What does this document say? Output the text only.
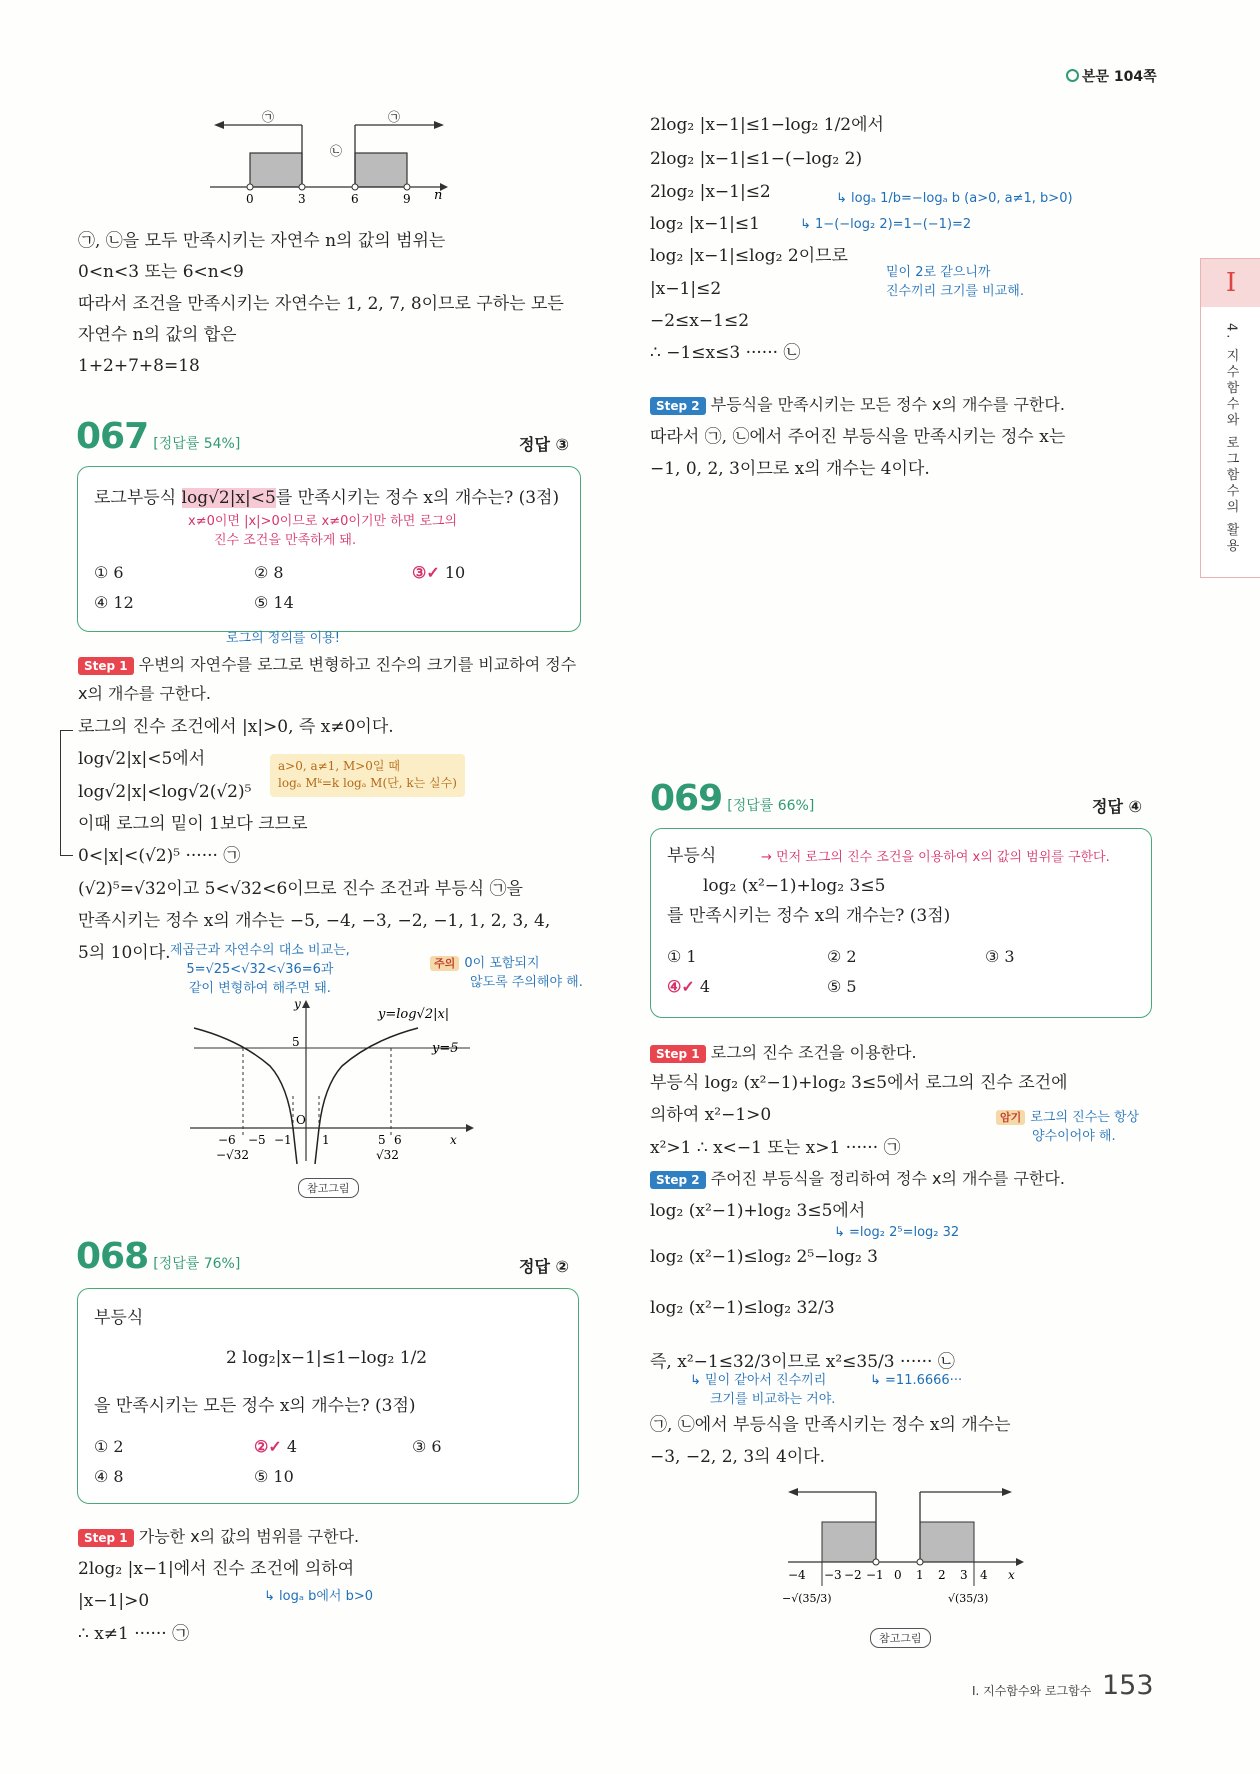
본문 104쪽
I
4. 지수함수와 로그함수의 활용
㉠
㉡
㉠
0	3	6	9 n
㉠, ㉡을 모두 만족시키는 자연수 n의 값의 범위는
0<n<3 또는 6<n<9
따라서 조건을 만족시키는 자연수는 1, 2, 7, 8이므로 구하는 모든
자연수 n의 값의 합은
1+2+7+8=18
067 [정답률 54%]	정답 ③
로그부등식 log√2|x|<5를 만족시키는 정수 x의 개수는? (3점)
x≠0이면 |x|>0이므로 x≠0이기만 하면 로그의
진수 조건을 만족하게 돼.
① 6	② 8	③✓ 10
④ 12	⑤ 14
로그의 정의를 이용!
Step 1 우변의 자연수를 로그로 변형하고 진수의 크기를 비교하여 정수
x의 개수를 구한다.
로그의 진수 조건에서 |x|>0, 즉 x≠0이다.
log√2|x|<5에서
log√2|x|<log√2(√2)⁵
이때 로그의 밑이 1보다 크므로
0<|x|<(√2)⁵ ······ ㉠
(√2)⁵=√32이고 5<√32<6이므로 진수 조건과 부등식 ㉠을
만족시키는 정수 x의 개수는 −5, −4, −3, −2, −1, 1, 2, 3, 4,
5의 10이다.
a>0, a≠1, M>0일 때
logₐ Mᵏ=k logₐ M(단, k는 실수)
제곱근과 자연수의 대소 비교는,
5=√25<√32<√36=6과
같이 변형하여 해주면 돼.
주의 0이 포함되지
않도록 주의해야 해.
y=log√2|x|
y=5
y
5
O
−6 −5 −1	1	5 6	x
−√32	√32
참고그림
068 [정답률 76%]	정답 ②
부등식
2 log₂|x−1|≤1−log₂ 1/2
을 만족시키는 모든 정수 x의 개수는? (3점)
① 2	②✓ 4	③ 6
④ 8	⑤ 10
Step 1 가능한 x의 값의 범위를 구한다.
2log₂ |x−1|에서 진수 조건에 의하여
|x−1|>0
∴ x≠1 ······ ㉠
↳ logₐ b에서 b>0
2log₂ |x−1|≤1−log₂ 1/2에서
2log₂ |x−1|≤1−(−log₂ 2)
2log₂ |x−1|≤2
log₂ |x−1|≤1
log₂ |x−1|≤log₂ 2이므로
|x−1|≤2
−2≤x−1≤2
∴ −1≤x≤3 ······ ㉡
↳ logₐ 1/b=−logₐ b (a>0, a≠1, b>0)
↳ 1−(−log₂ 2)=1−(−1)=2
밑이 2로 같으니까
진수끼리 크기를 비교해.
Step 2 부등식을 만족시키는 모든 정수 x의 개수를 구한다.
따라서 ㉠, ㉡에서 주어진 부등식을 만족시키는 정수 x는
−1, 0, 2, 3이므로 x의 개수는 4이다.
069 [정답률 66%]	정답 ④
부등식	→ 먼저 로그의 진수 조건을 이용하여 x의 값의 범위를 구한다.
log₂ (x²−1)+log₂ 3≤5
를 만족시키는 정수 x의 개수는? (3점)
① 1	② 2	③ 3
④✓ 4	⑤ 5
Step 1 로그의 진수 조건을 이용한다.
부등식 log₂ (x²−1)+log₂ 3≤5에서 로그의 진수 조건에
의하여 x²−1>0
x²>1 ∴ x<−1 또는 x>1 ······ ㉠
암기 로그의 진수는 항상
양수이어야 해.
Step 2 주어진 부등식을 정리하여 정수 x의 개수를 구한다.
log₂ (x²−1)+log₂ 3≤5에서
log₂ (x²−1)≤log₂ 2⁵−log₂ 3
log₂ (x²−1)≤log₂ 32/3
즉, x²−1≤32/3이므로 x²≤35/3 ······ ㉡
↳ =log₂ 2⁵=log₂ 32
↳ 밑이 같아서 진수끼리
크기를 비교하는 거야.
↳ =11.6666···
㉠, ㉡에서 부등식을 만족시키는 정수 x의 개수는
−3, −2, 2, 3의 4이다.
−4 −3 −2 −1 0 1 2 3 4 x
−√(35/3)	√(35/3)
참고그림
I. 지수함수와 로그함수 153
